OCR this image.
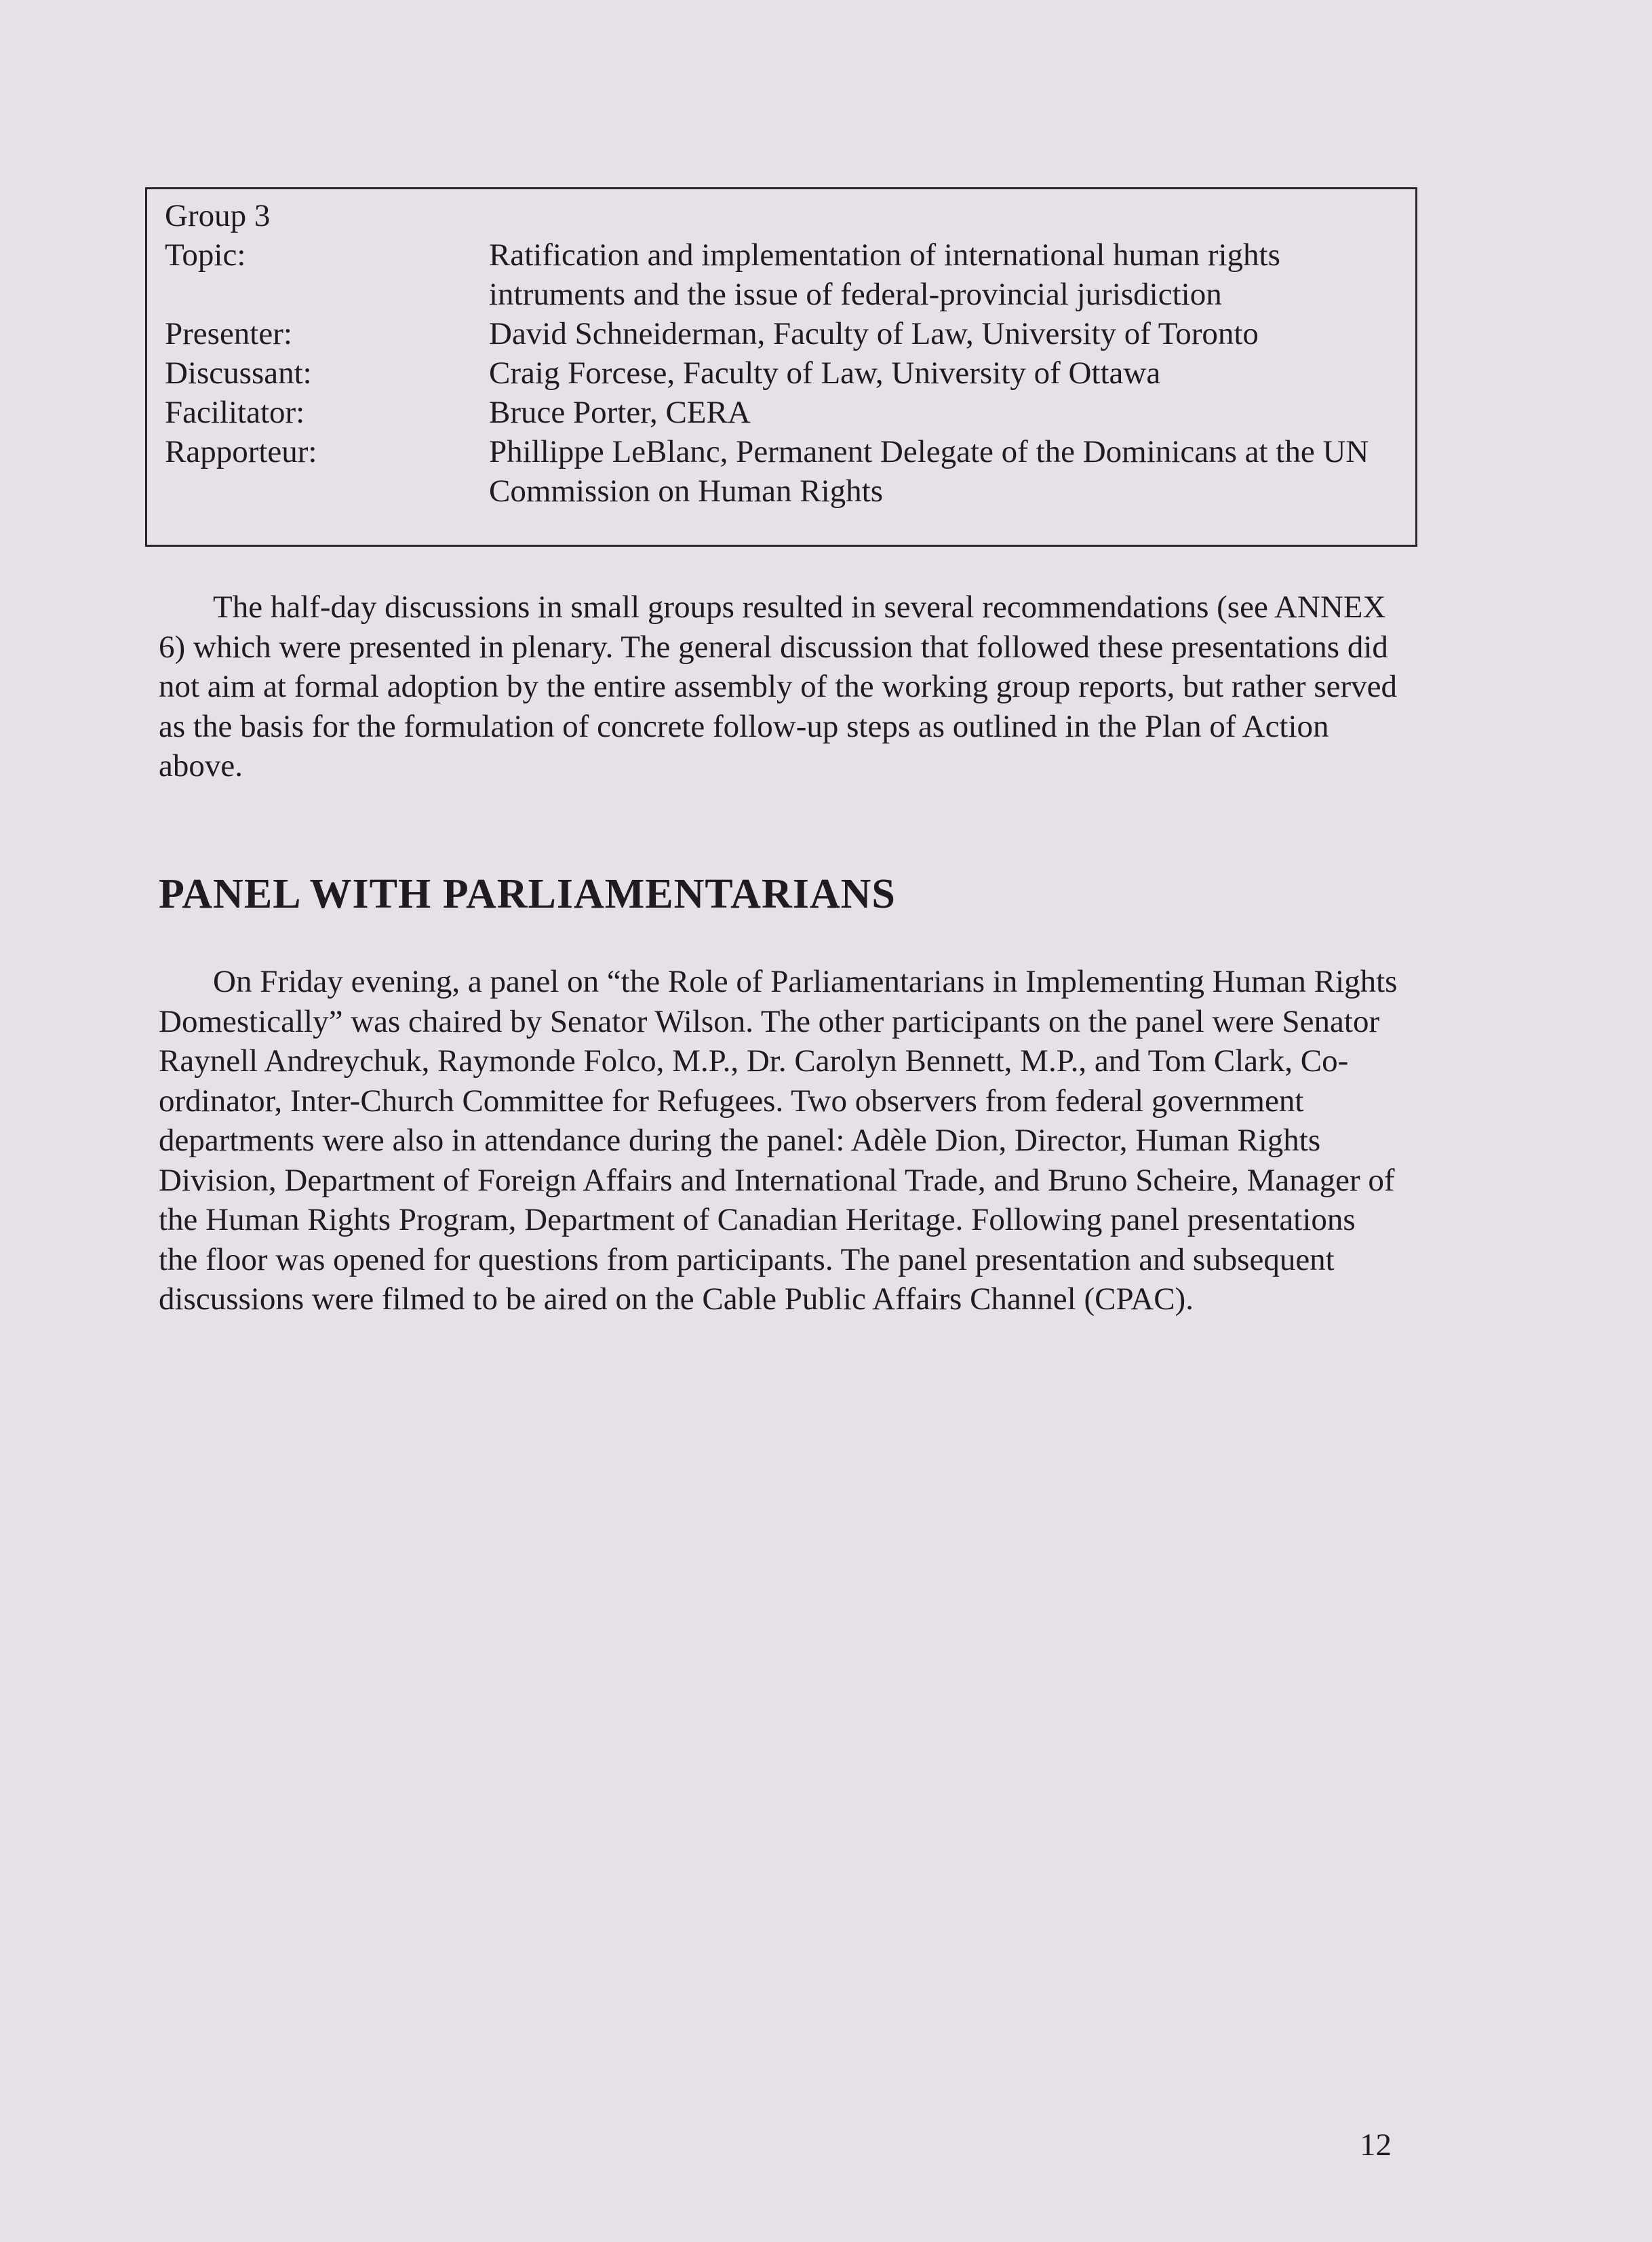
Group 3
Topic:	Ratification and implementation of international human rights intruments and the issue of federal-provincial jurisdiction
Presenter:	David Schneiderman, Faculty of Law, University of Toronto
Discussant:	Craig Forcese, Faculty of Law, University of Ottawa
Facilitator:	Bruce Porter, CERA
Rapporteur:	Phillippe LeBlanc, Permanent Delegate of the Dominicans at the UN Commission on Human Rights

The half-day discussions in small groups resulted in several recommendations (see ANNEX 6) which were presented in plenary. The general discussion that followed these presentations did not aim at formal adoption by the entire assembly of the working group reports, but rather served as the basis for the formulation of concrete follow-up steps as outlined in the Plan of Action above.

PANEL WITH PARLIAMENTARIANS

On Friday evening, a panel on “the Role of Parliamentarians in Implementing Human Rights Domestically” was chaired by Senator Wilson. The other participants on the panel were Senator Raynell Andreychuk, Raymonde Folco, M.P., Dr. Carolyn Bennett, M.P., and Tom Clark, Co-ordinator, Inter-Church Committee for Refugees. Two observers from federal government departments were also in attendance during the panel: Adèle Dion, Director, Human Rights Division, Department of Foreign Affairs and International Trade, and Bruno Scheire, Manager of the Human Rights Program, Department of Canadian Heritage. Following panel presentations the floor was opened for questions from participants. The panel presentation and subsequent discussions were filmed to be aired on the Cable Public Affairs Channel (CPAC).

12
